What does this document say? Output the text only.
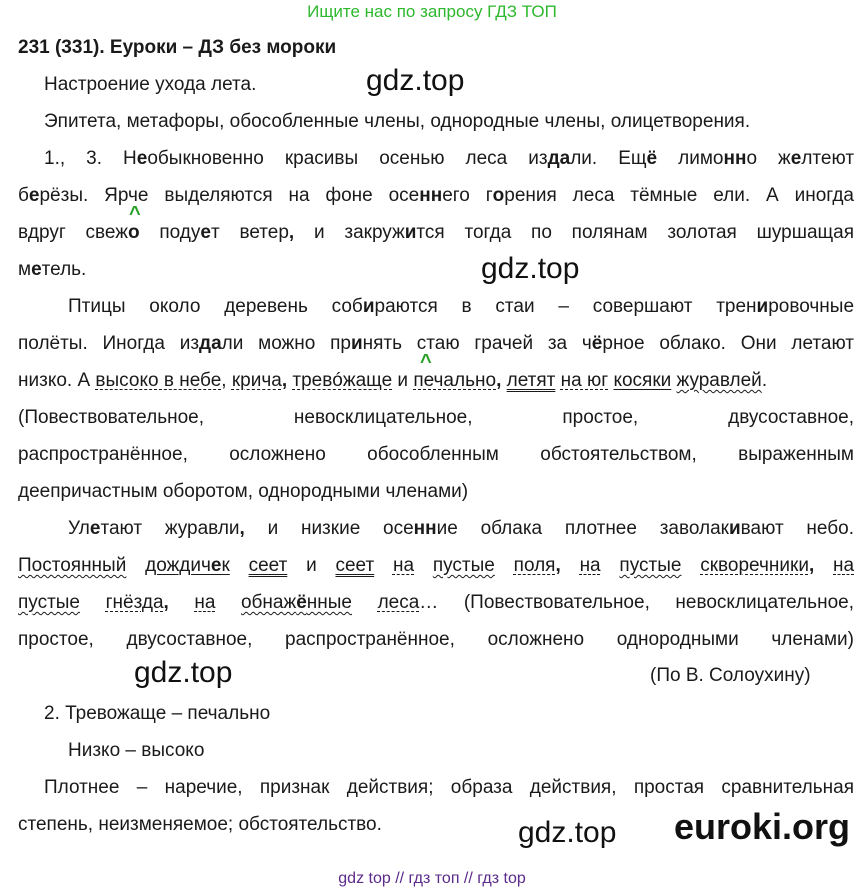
Ищите нас по запросу ГДЗ ТОП
231 (331). Еуроки – ДЗ без мороки
gdz.top
gdz.top
gdz.top
gdz.top
Настроение ухода лета.
Эпитета, метафоры, обособленные члены, однородные члены, олицетворения.
1., 3. Необыкновенно красивы осенью леса издали. Ещё лимонно желтеют
берёзы. Ярче выделяются на фоне осеннего горения леса тёмные ели. А иногда
^
вдруг свежо подует ветер, и закружится тогда по полянам золотая шуршащая
метель.
Птицы около деревень собираются в стаи – совершают тренировочные
полёты. Иногда издали можно принять стаю грачей за чёрное облако. Они летают
^
низко. А высоко в небе, крича, тревóжаще и печально, летят на юг косяки журавлей.
(Повествовательное, невосклицательное, простое, двусоставное,
распространённое, осложнено обособленным обстоятельством, выраженным
деепричастным оборотом, однородными членами)
Улетают журавли, и низкие осенние облака плотнее заволакивают небо.
Постоянный дождичек сеет и сеет на пустые поля, на пустые скворечники, на
пустые гнёзда, на обнажённые леса… (Повествовательное, невосклицательное,
простое, двусоставное, распространённое, осложнено однородными членами)
(По В. Солоухину)
2. Тревожаще – печально
Низко – высоко
Плотнее – наречие, признак действия; образа действия, простая сравнительная
степень, неизменяемое; обстоятельство.	euroki.org
gdz top // гдз топ // гдз top
